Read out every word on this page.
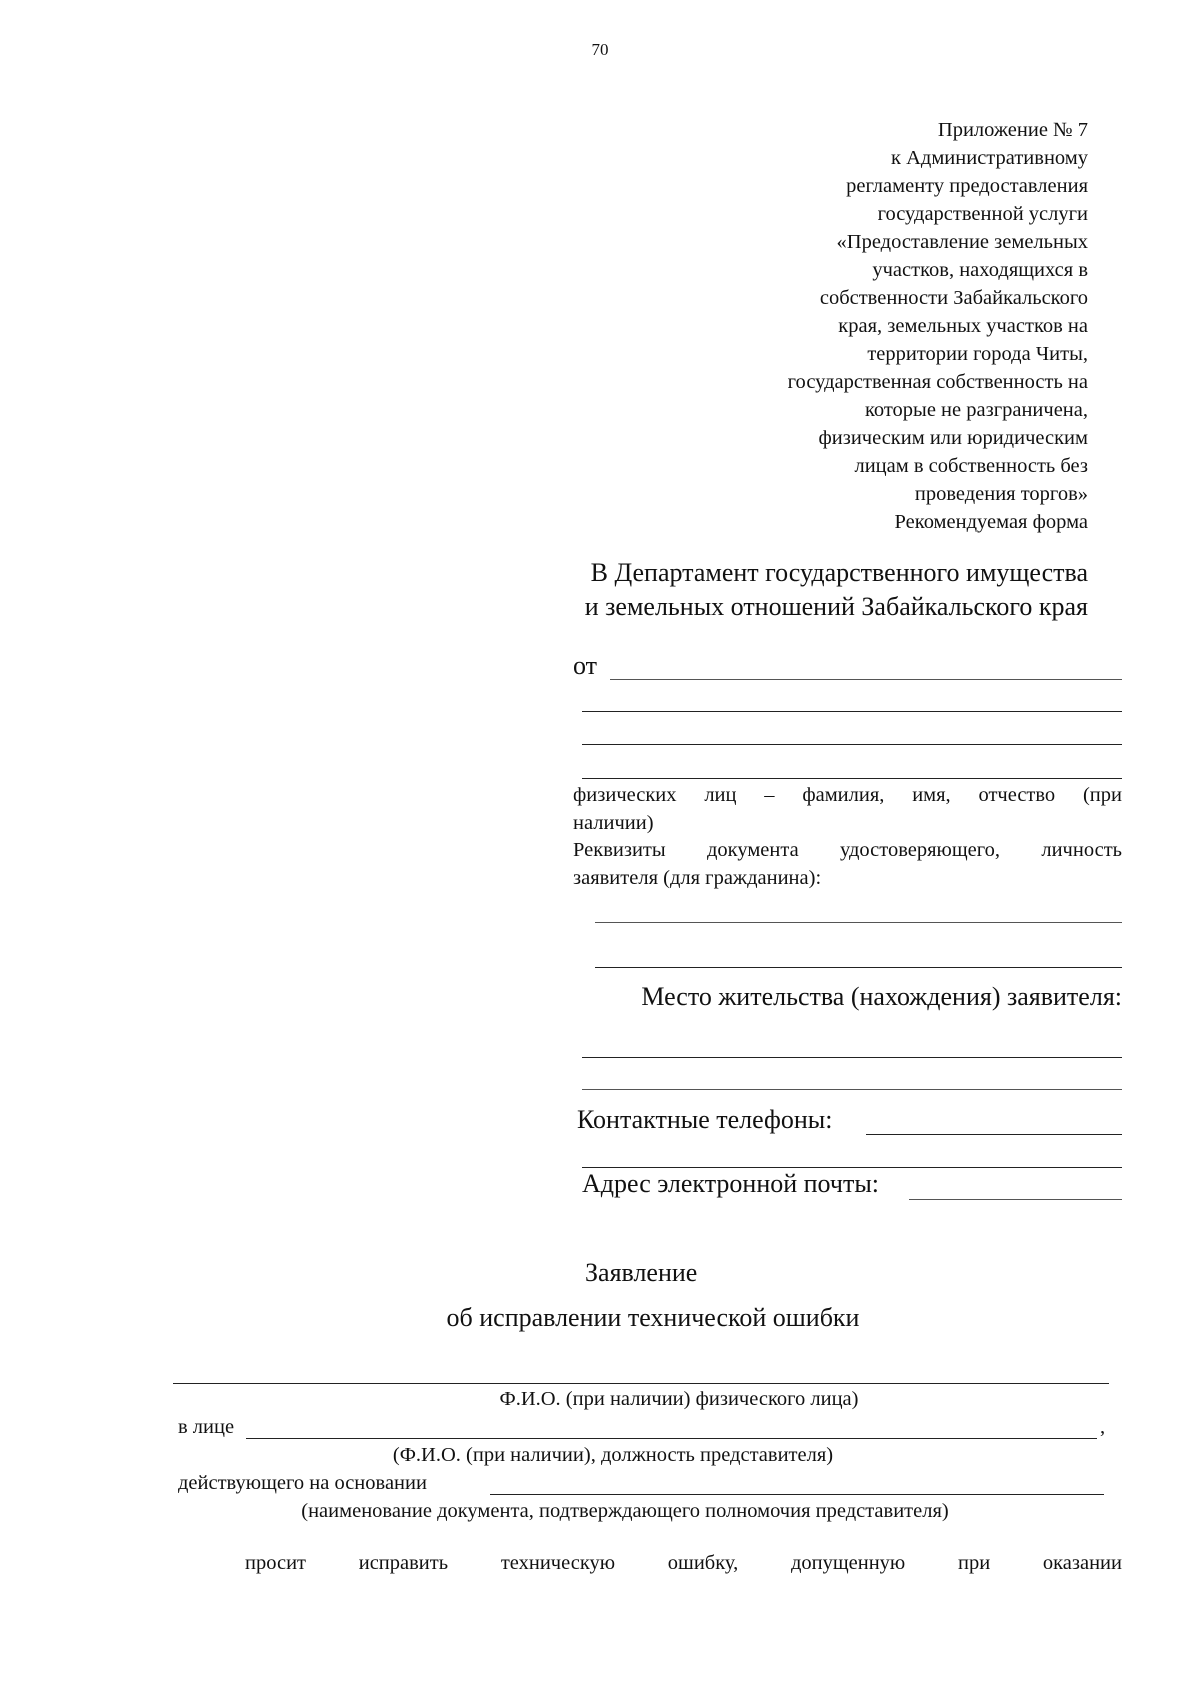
70
Приложение № 7
к Административному
регламенту предоставления
государственной услуги
«Предоставление земельных
участков, находящихся в
собственности Забайкальского
края, земельных участков на
территории города Читы,
государственная собственность на
которые не разграничена,
физическим или юридическим
лицам в собственность без
проведения торгов»
Рекомендуемая форма
В Департамент государственного имущества
и земельных отношений Забайкальского края
от
физических лиц – фамилия, имя, отчество (при
наличии)
Реквизиты документа удостоверяющего, личность
заявителя (для гражданина):
Место жительства (нахождения) заявителя:
Контактные телефоны:
Адрес электронной почты:
Заявление
об исправлении технической ошибки
Ф.И.О. (при наличии) физического лица)
в лице	,
(Ф.И.О. (при наличии), должность представителя)
действующего на основании
(наименование документа, подтверждающего полномочия представителя)
просит исправить техническую ошибку, допущенную при оказании
